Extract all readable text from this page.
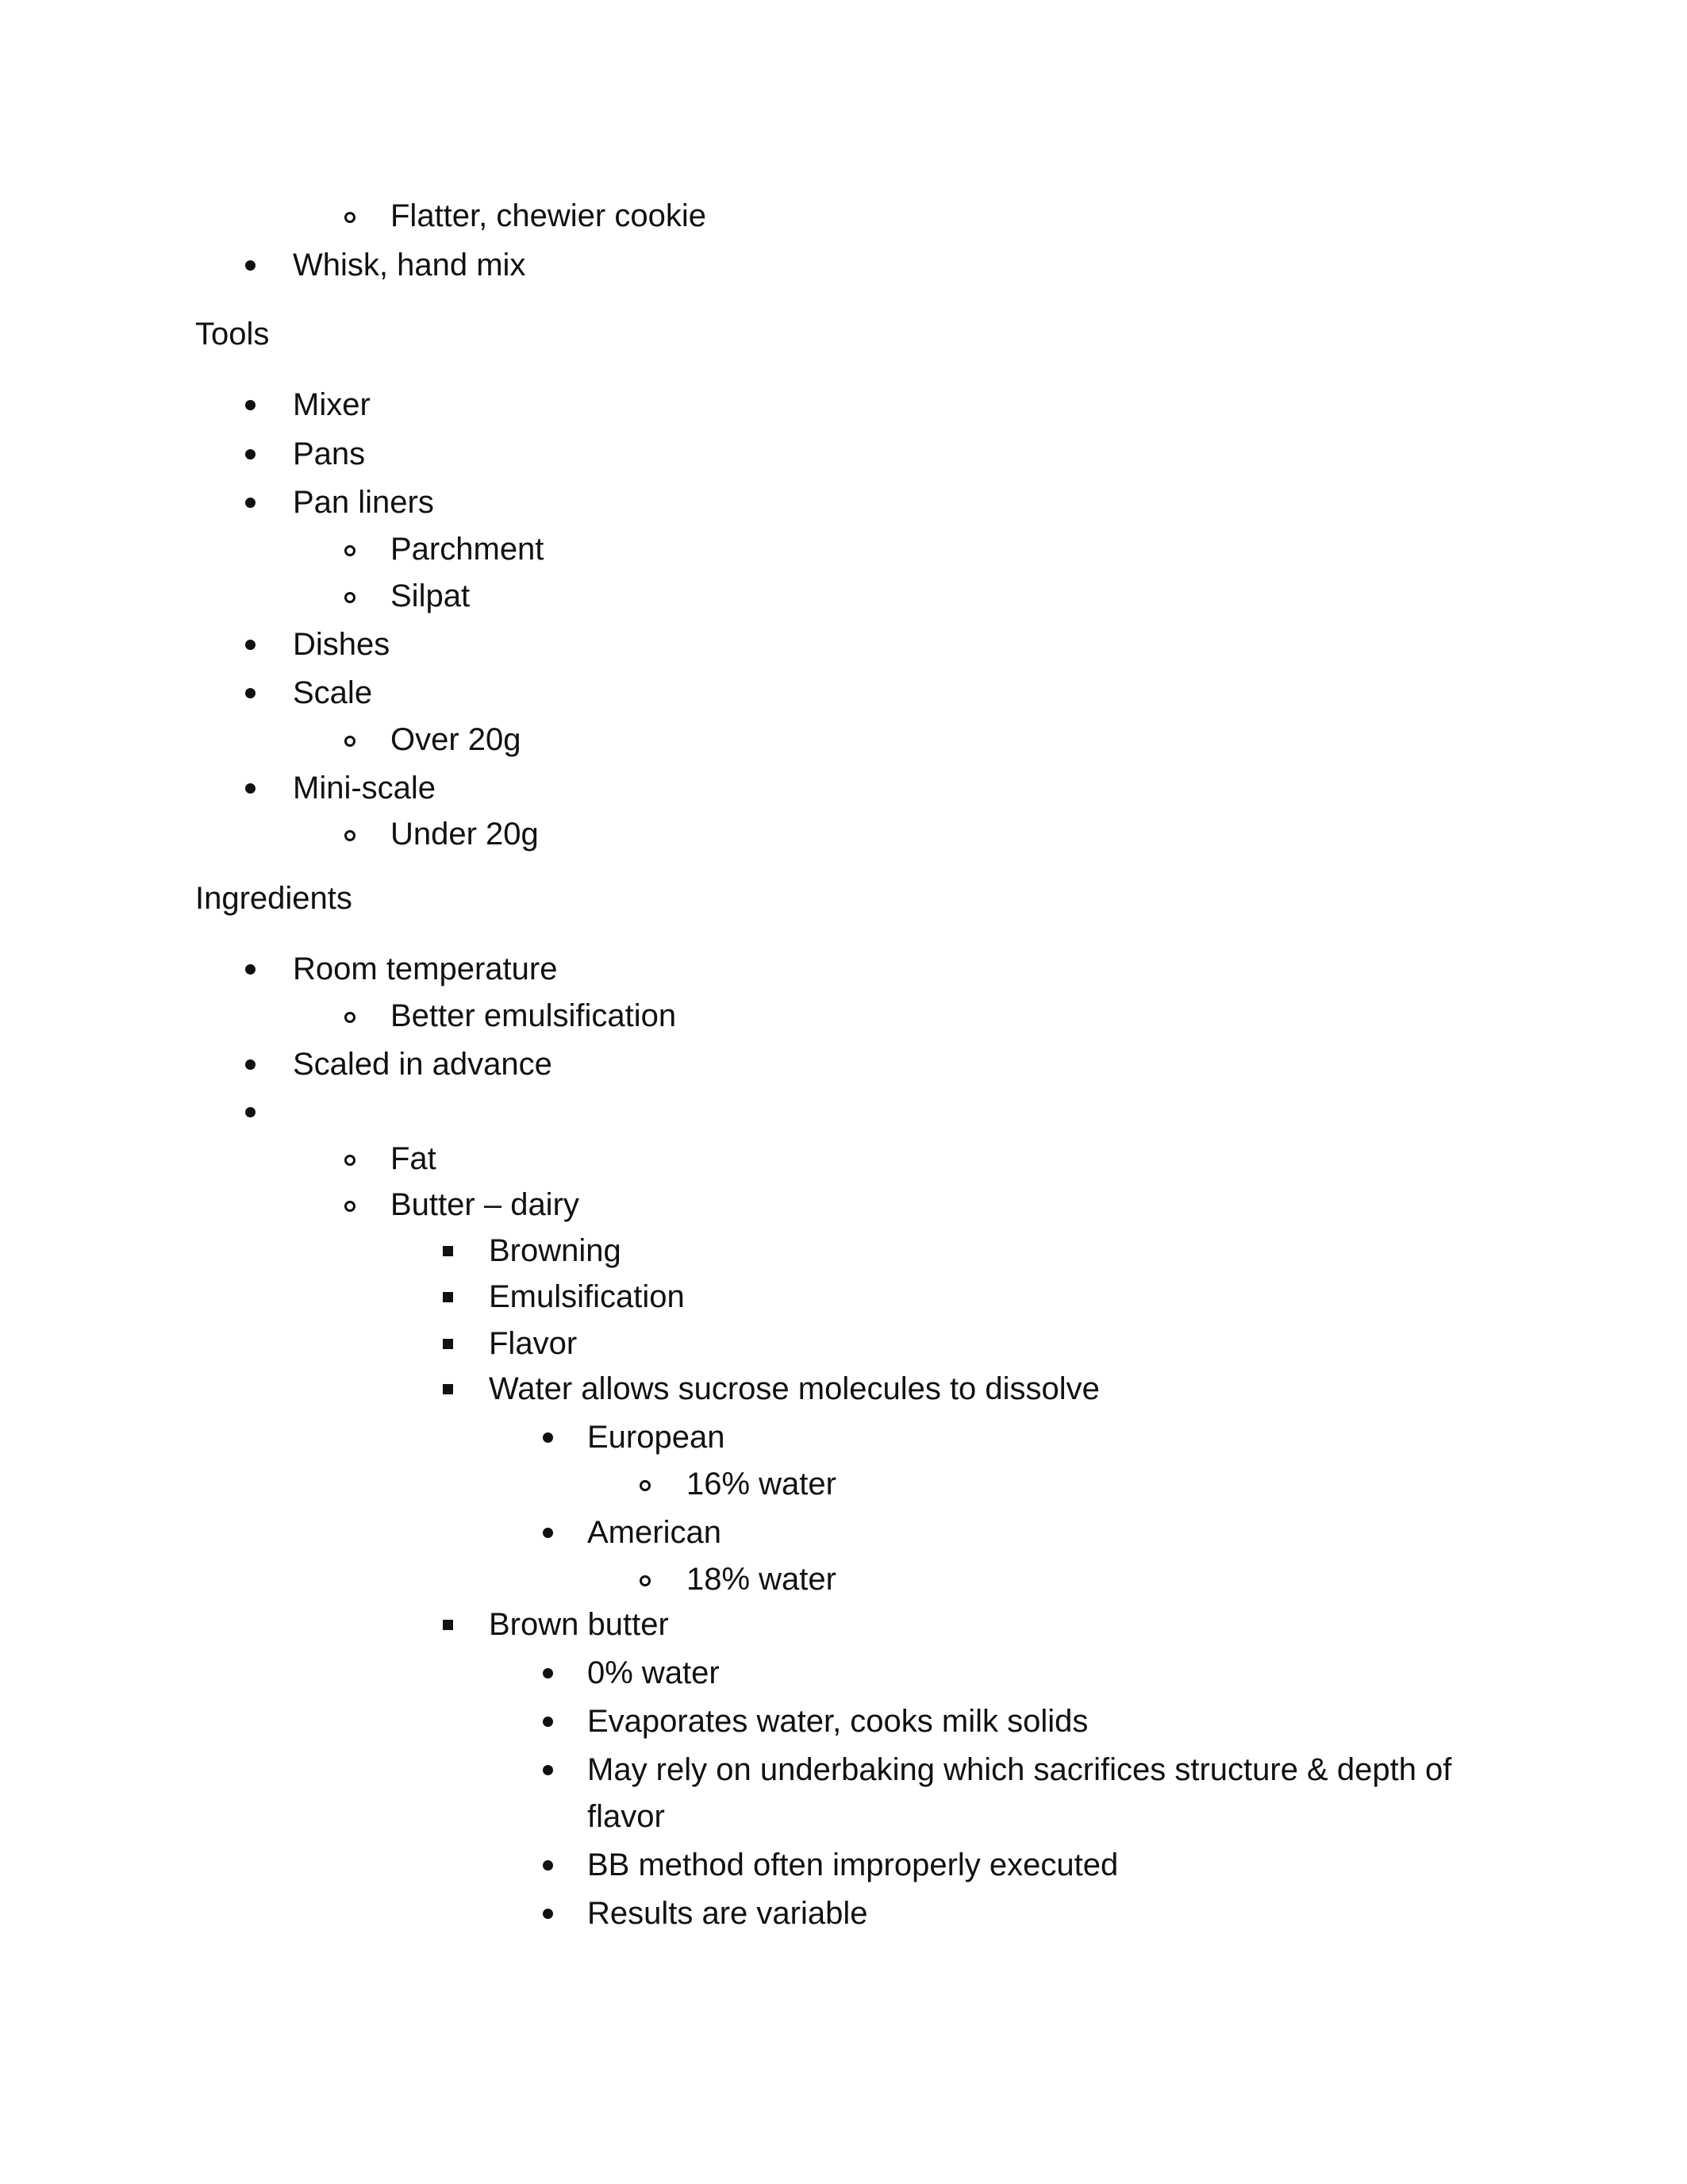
Flatter, chewier cookie
Whisk, hand mix
Tools
Mixer
Pans
Pan liners
Parchment
Silpat
Dishes
Scale
Over 20g
Mini-scale
Under 20g
Ingredients
Room temperature
Better emulsification
Scaled in advance
Fat
Butter – dairy
Browning
Emulsification
Flavor
Water allows sucrose molecules to dissolve
European
16% water
American
18% water
Brown butter
0% water
Evaporates water, cooks milk solids
May rely on underbaking which sacrifices structure & depth of
flavor
BB method often improperly executed
Results are variable
